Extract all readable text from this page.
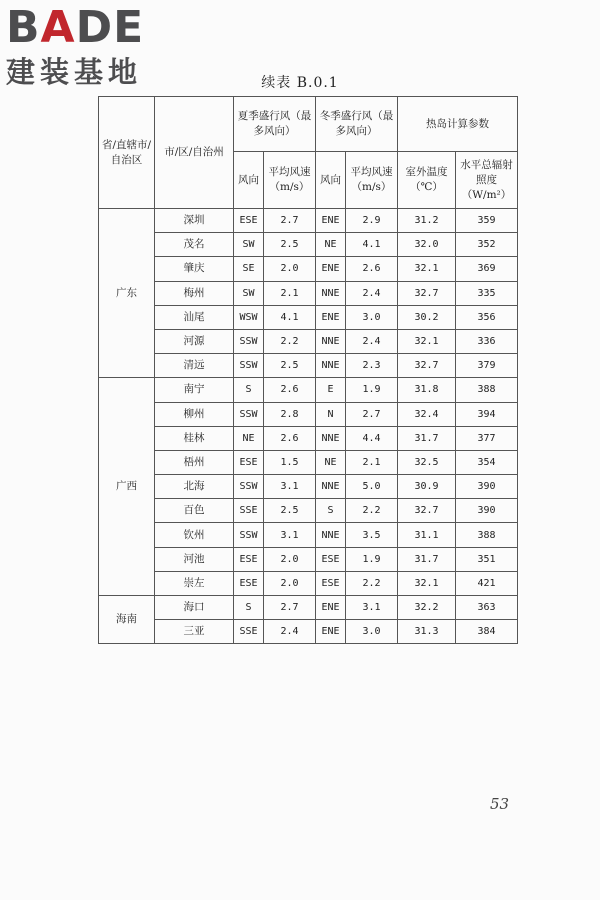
B A DE
建装基地	续表 B.0.1
省/直辖市/自治区	市/区/自治州	夏季盛行风（最多风向）		冬季盛行风（最多风向）		热岛计算参数	
		风向	平均风速（m/s）	风向	平均风速（m/s）	室外温度（℃）	水平总辐射照度（W/m²）
广东	深圳	ESE	2.7	ENE	2.9	31.2	359
	茂名	SW	2.5	NE	4.1	32.0	352
	肇庆	SE	2.0	ENE	2.6	32.1	369
	梅州	SW	2.1	NNE	2.4	32.7	335
	汕尾	WSW	4.1	ENE	3.0	30.2	356
	河源	SSW	2.2	NNE	2.4	32.1	336
	清远	SSW	2.5	NNE	2.3	32.7	379
广西	南宁	S	2.6	E	1.9	31.8	388
	柳州	SSW	2.8	N	2.7	32.4	394
	桂林	NE	2.6	NNE	4.4	31.7	377
	梧州	ESE	1.5	NE	2.1	32.5	354
	北海	SSW	3.1	NNE	5.0	30.9	390
	百色	SSE	2.5	S	2.2	32.7	390
	钦州	SSW	3.1	NNE	3.5	31.1	388
	河池	ESE	2.0	ESE	1.9	31.7	351
	崇左	ESE	2.0	ESE	2.2	32.1	421
海南	海口	S	2.7	ENE	3.1	32.2	363
	三亚	SSE	2.4	ENE	3.0	31.3	384
53
